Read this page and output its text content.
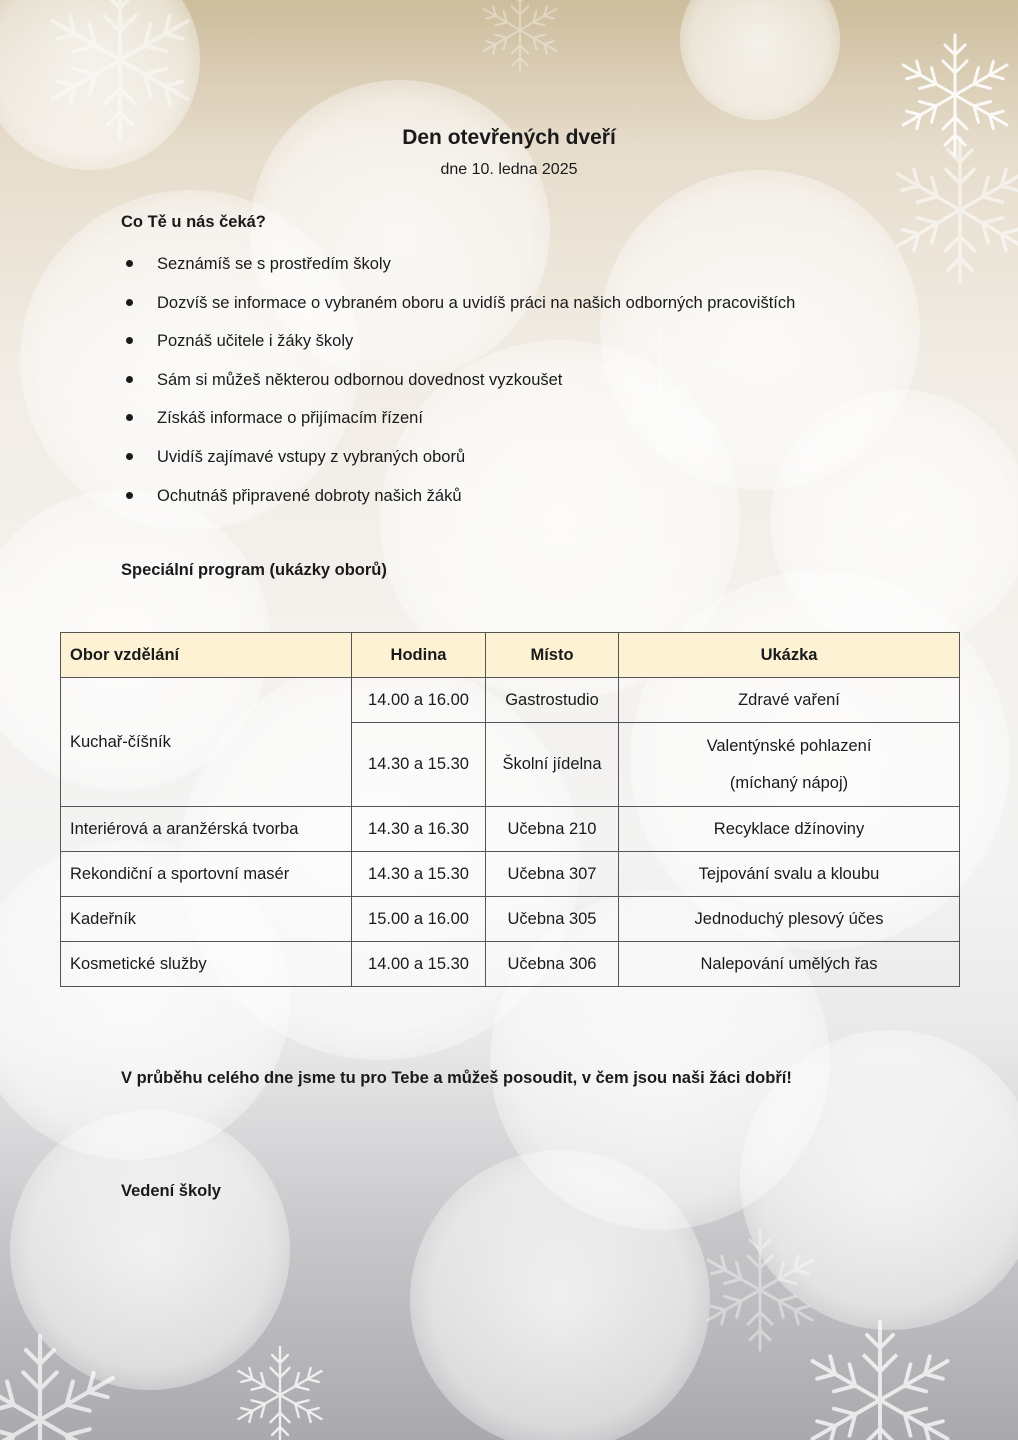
Den otevřených dveří
dne 10. ledna 2025
Co Tě u nás čeká?
Seznámíš se s prostředím školy
Dozvíš se informace o vybraném oboru a uvidíš práci na našich odborných pracovištích
Poznáš učitele i žáky školy
Sám si můžeš některou odbornou dovednost vyzkoušet
Získáš informace o přijímacím řízení
Uvidíš zajímavé vstupy z vybraných oborů
Ochutnáš připravené dobroty našich žáků
Speciální program (ukázky oborů)
Obor vzdělání	Hodina	Místo	Ukázka
Kuchař-číšník	14.00 a 16.00	Gastrostudio	Zdravé vaření
	14.30 a 15.30	Školní jídelna	Valentýnské pohlazení
(míchaný nápoj)

Interiérová a aranžérská tvorba	14.30 a 16.30	Učebna 210	Recyklace džínoviny
Rekondiční a sportovní masér	14.30 a 15.30	Učebna 307	Tejpování svalu a kloubu
Kadeřník	15.00 a 16.00	Učebna 305	Jednoduchý plesový účes
Kosmetické služby	14.00 a 15.30	Učebna 306	Nalepování umělých řas
V průběhu celého dne jsme tu pro Tebe a můžeš posoudit, v čem jsou naši žáci dobří!
Vedení školy
